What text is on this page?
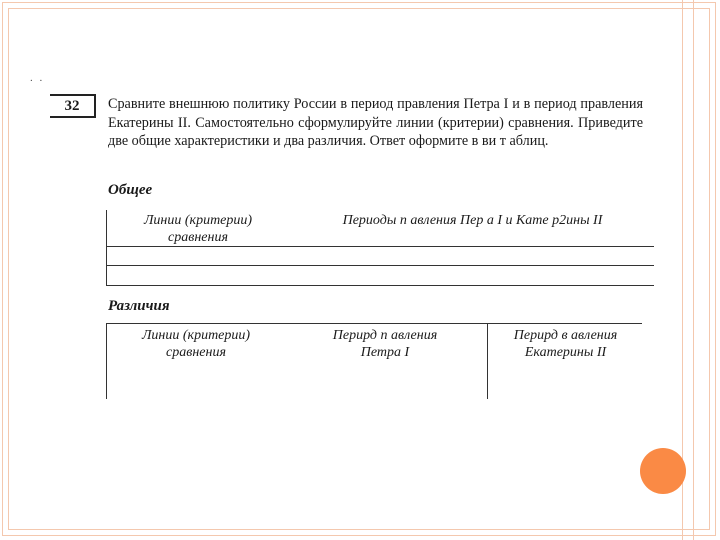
. .
32	Сравните внешнюю политику России в период правления Петра I и в период правления Екатерины II. Самостоятельно сформулируйте линии (критерии) сравнения. Приведите две общие характеристики и два различия. Ответ оформите в ви т аблиц.
Общее
Линии (критерии)
сравнения
Периоды п авления Пер а I и Кате р2ины II
Различия
Линии (критерии)
сравнения
Перирд п авления
Петра I
Перирд в авления
Екатерины II
